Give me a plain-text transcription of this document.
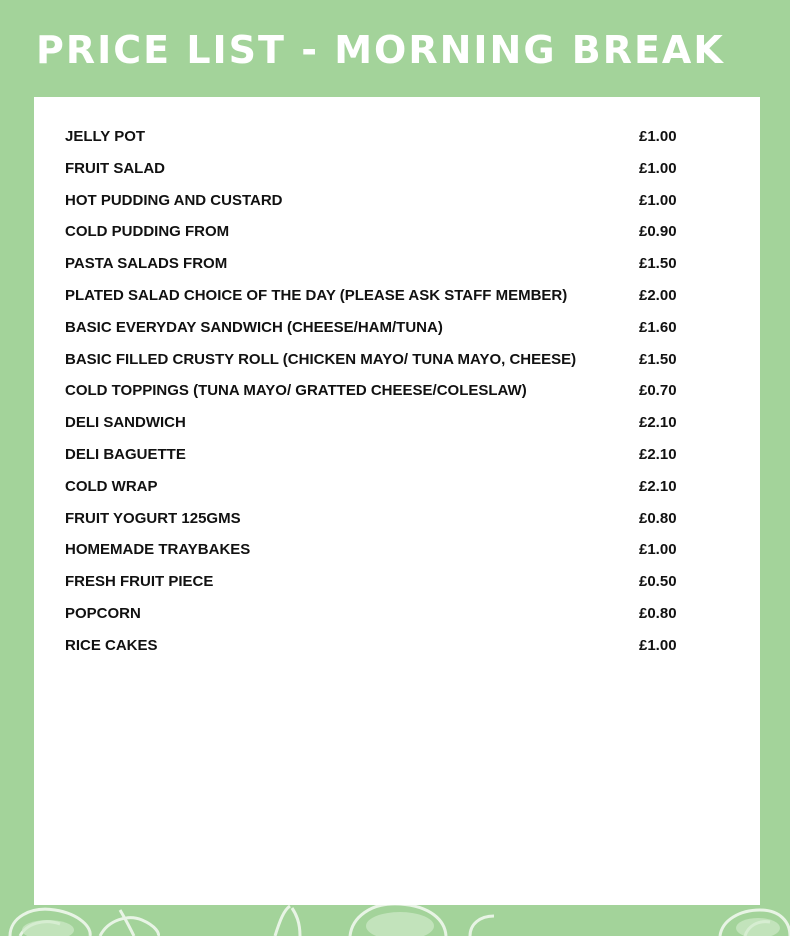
PRICE LIST - MORNING BREAK
JELLY POT	£1.00
FRUIT SALAD	£1.00
HOT PUDDING AND CUSTARD	£1.00
COLD PUDDING FROM	£0.90
PASTA SALADS FROM	£1.50
PLATED SALAD CHOICE OF THE DAY (PLEASE ASK STAFF MEMBER)	£2.00
BASIC EVERYDAY SANDWICH (CHEESE/HAM/TUNA)	£1.60
BASIC FILLED CRUSTY ROLL (CHICKEN MAYO/ TUNA MAYO, CHEESE)	£1.50
COLD TOPPINGS (TUNA MAYO/ GRATTED CHEESE/COLESLAW)	£0.70
DELI SANDWICH	£2.10
DELI BAGUETTE	£2.10
COLD WRAP	£2.10
FRUIT YOGURT 125GMS	£0.80
HOMEMADE TRAYBAKES	£1.00
FRESH FRUIT PIECE	£0.50
POPCORN	£0.80
RICE CAKES	£1.00
